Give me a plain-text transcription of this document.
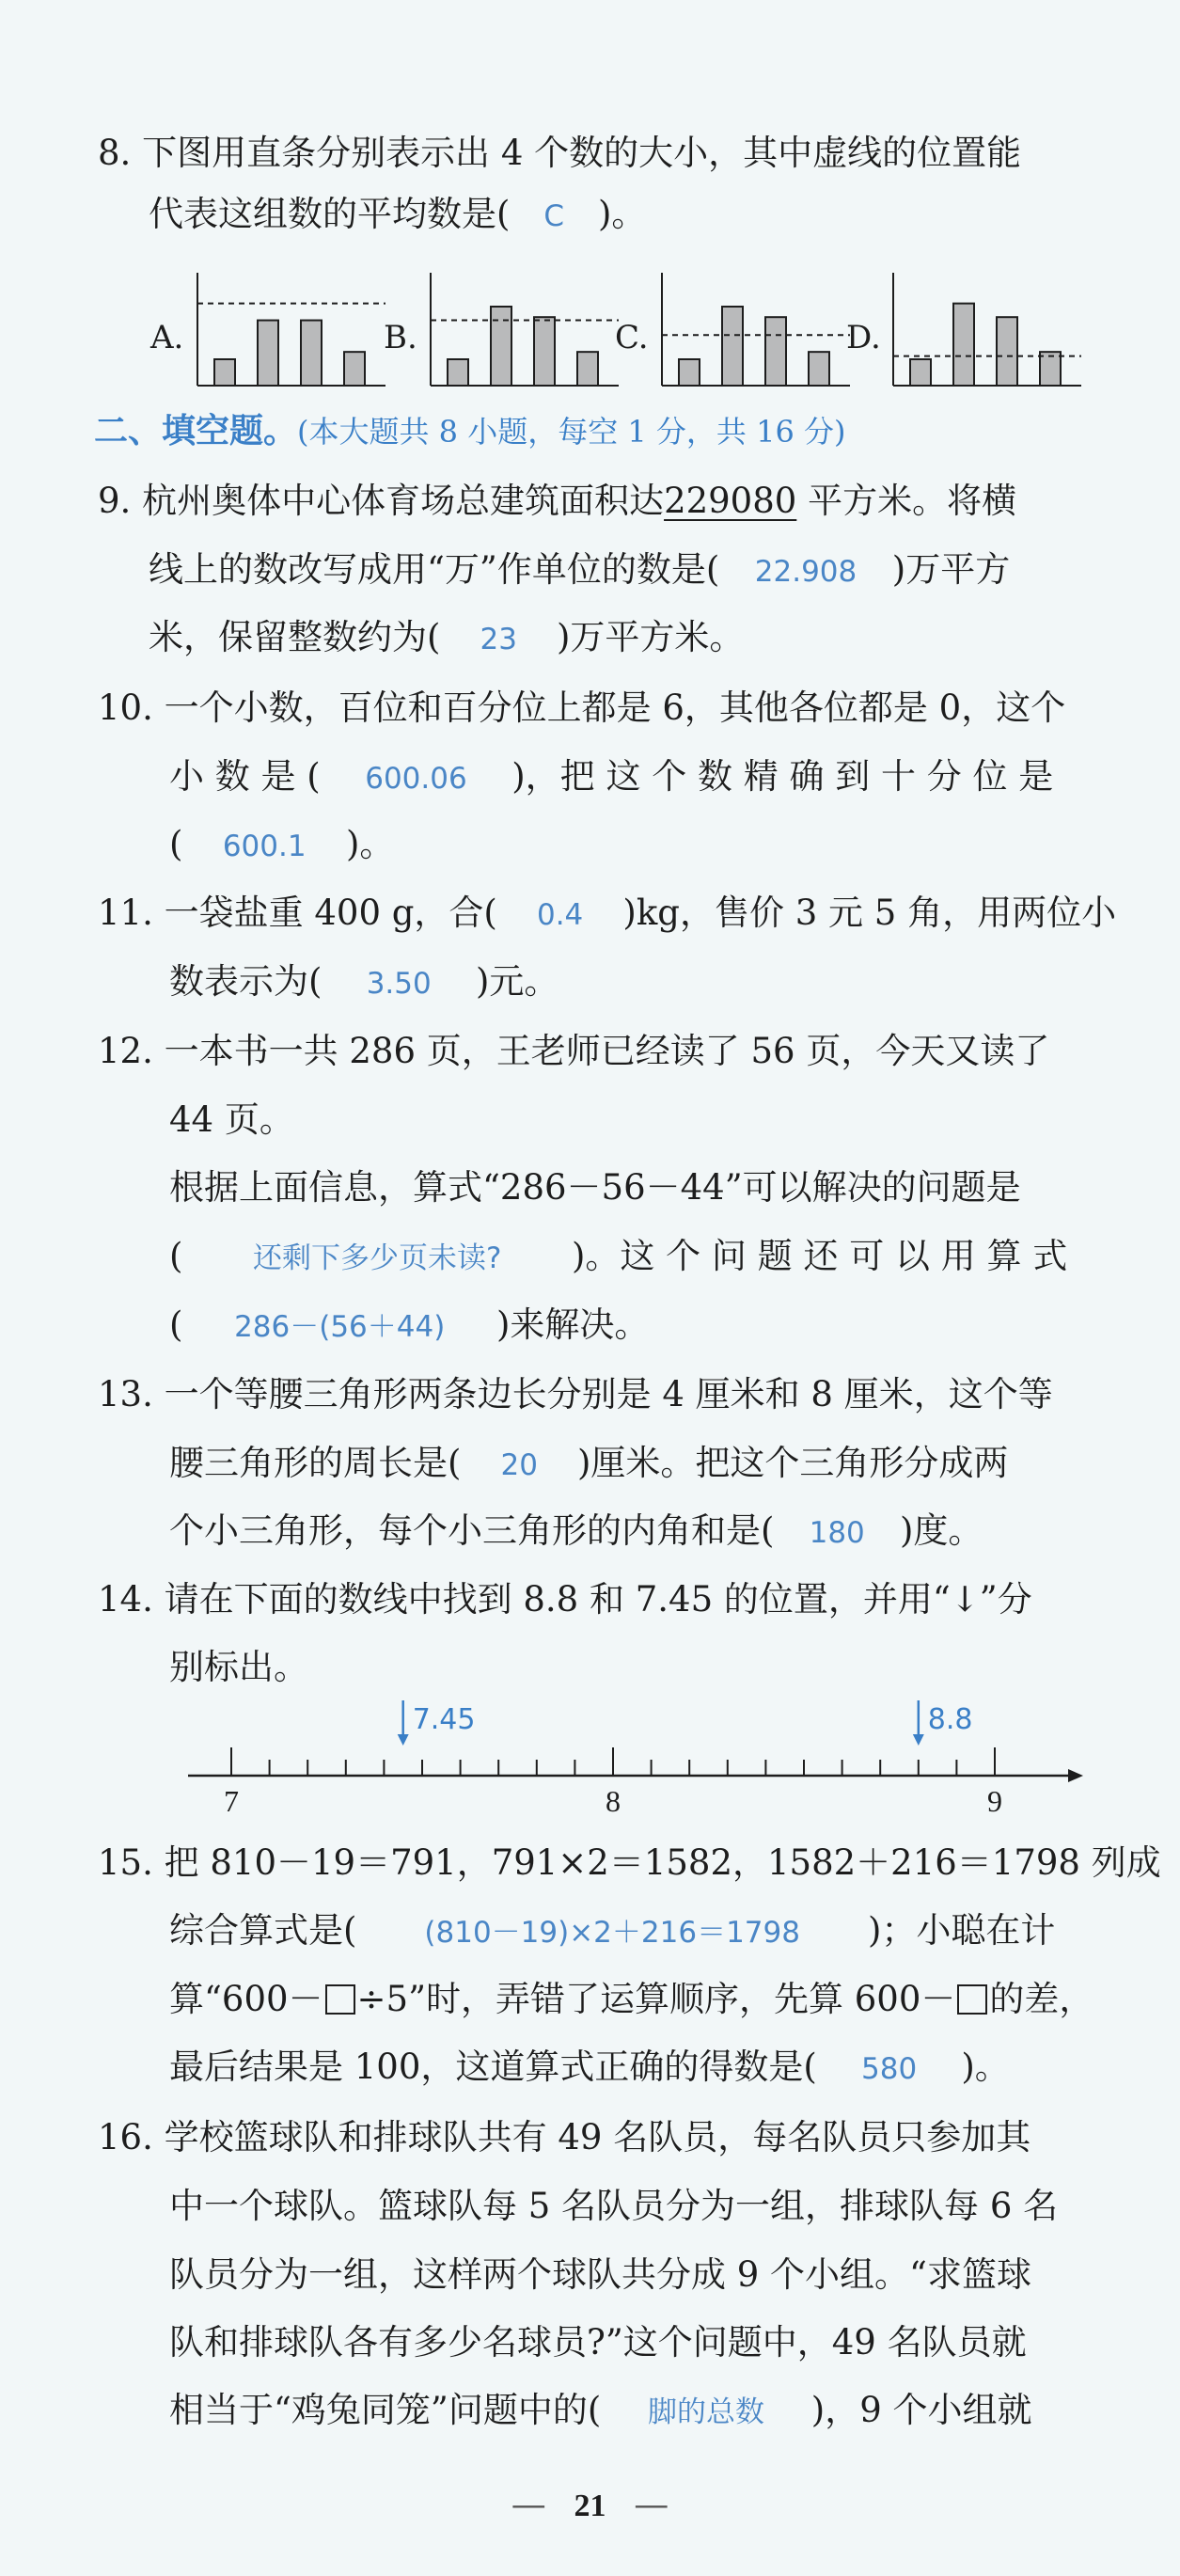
8. 下图用直条分别表示出 4 个数的大小，其中虚线的位置能
代表这组数的平均数是( C )。
A.	B.	C.	D.
二、填空题。(本大题共 8 小题，每空 1 分，共 16 分)
9. 杭州奥体中心体育场总建筑面积达229080 平方米。将横
线上的数改写成用“万”作单位的数是( 22.908 )万平方
米，保留整数约为( 23 )万平方米。
10. 一个小数，百位和百分位上都是 6，其他各位都是 0，这个
小 数 是 ( 600.06 )，把 这 个 数 精 确 到 十 分 位 是
( 600.1 )。
11. 一袋盐重 400 g，合( 0.4 )kg，售价 3 元 5 角，用两位小
数表示为( 3.50 )元。
12. 一本书一共 286 页，王老师已经读了 56 页，今天又读了
44 页。
根据上面信息，算式“286－56－44”可以解决的问题是
( 还剩下多少页未读? )。这 个 问 题 还 可 以 用 算 式
( 286－(56＋44) )来解决。
13. 一个等腰三角形两条边长分别是 4 厘米和 8 厘米，这个等
腰三角形的周长是( 20 )厘米。把这个三角形分成两
个小三角形，每个小三角形的内角和是( 180 )度。
14. 请在下面的数线中找到 8.8 和 7.45 的位置，并用“↓”分
别标出。
7	8	9
7.45	8.8
15. 把 810－19＝791，791×2＝1582，1582＋216＝1798 列成
综合算式是( (810－19)×2＋216＝1798 )；小聪在计
算“600－ ÷5”时，弄错了运算顺序，先算 600－ 的差，
最后结果是 100，这道算式正确的得数是( 580 )。
16. 学校篮球队和排球队共有 49 名队员，每名队员只参加其
中一个球队。篮球队每 5 名队员分为一组，排球队每 6 名
队员分为一组，这样两个球队共分成 9 个小组。“求篮球
队和排球队各有多少名球员?”这个问题中，49 名队员就
相当于“鸡兔同笼”问题中的( 脚的总数 )，9 个小组就
— 21 —
